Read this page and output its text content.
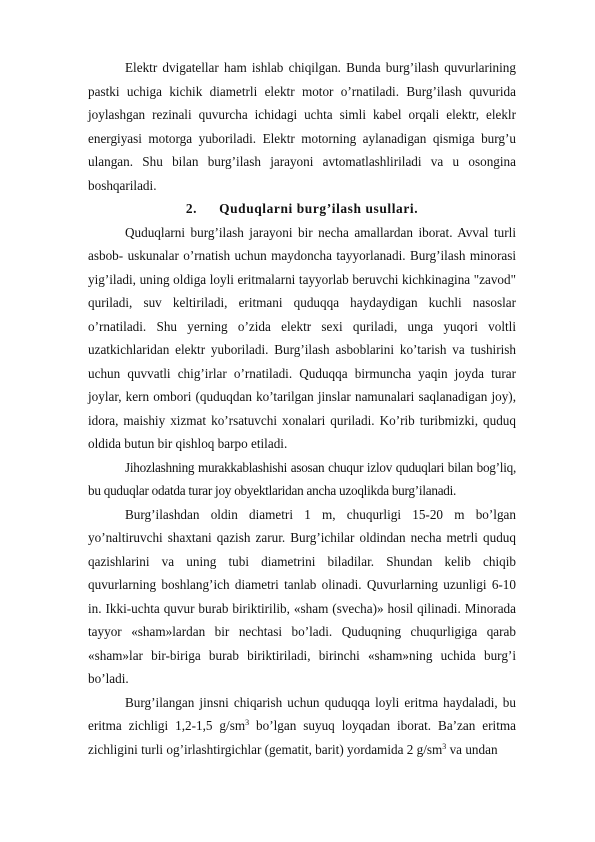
Elektr dvigatellar ham ishlab chiqilgan. Bunda burg’ilash quvurlarining pastki uchiga kichik diametrli elektr motor o’rnatiladi. Burg’ilash quvurida joylashgan rezinali quvurcha ichidagi uchta simli kabel orqali elektr, eleklr energiyasi motorga yuboriladi. Elektr motorning aylanadigan qismiga burg’u ulangan. Shu bilan burg’ilash jarayoni avtomatlashliriladi va u osongina boshqariladi.

2. Quduqlarni burg’ilash usullari.

Quduqlarni burg’ilash jarayoni bir necha amallardan iborat. Avval turli asbob- uskunalar o’rnatish uchun maydoncha tayyorlanadi. Burg’ilash minorasi yig’iladi, uning oldiga loyli eritmalarni tayyorlab beruvchi kichkinagina "zavod" quriladi, suv keltiriladi, eritmani quduqqa haydaydigan kuchli nasoslar o’rnatiladi. Shu yerning o’zida elektr sexi quriladi, unga yuqori voltli uzatkichlaridan elektr yuboriladi. Burg’ilash asboblarini ko’tarish va tushirish uchun quvvatli chig’irlar o’rnatiladi. Quduqqa birmuncha yaqin joyda turar joylar, kern ombori (quduqdan ko’tarilgan jinslar namunalari saqlanadigan joy), idora, maishiy xizmat ko’rsatuvchi xonalari quriladi. Ko’rib turibmizki, quduq oldida butun bir qishloq barpo etiladi.

Jihozlashning murakkablashishi asosan chuqur izlov quduqlari bilan bog’liq, bu quduqlar odatda turar joy obyektlaridan ancha uzoqlikda burg’ilanadi.

Burg’ilashdan oldin diametri 1 m, chuqurligi 15-20 m bo’lgan yo’naltiruvchi shaxtani qazish zarur. Burg’ichilar oldindan necha metrli quduq qazishlarini va uning tubi diametrini biladilar. Shundan kelib chiqib quvurlarning boshlang’ich diametri tanlab olinadi. Quvurlarning uzunligi 6-10 in. Ikki-uchta quvur burab biriktirilib, «sham (svecha)» hosil qilinadi. Minorada tayyor «sham»lardan bir nechtasi bo’ladi. Quduqning chuqurligiga qarab «sham»lar bir-biriga burab biriktiriladi, birinchi «sham»ning uchida burg’i bo’ladi.

Burg’ilangan jinsni chiqarish uchun quduqqa loyli eritma haydaladi, bu eritma zichligi 1,2-1,5 $g/sm^3$ bo’lgan suyuq loyqadan iborat. Ba’zan eritma zichligini turli og’irlashtirgichlar (gematit, barit) yordamida 2 $g/sm^3$ va undan
